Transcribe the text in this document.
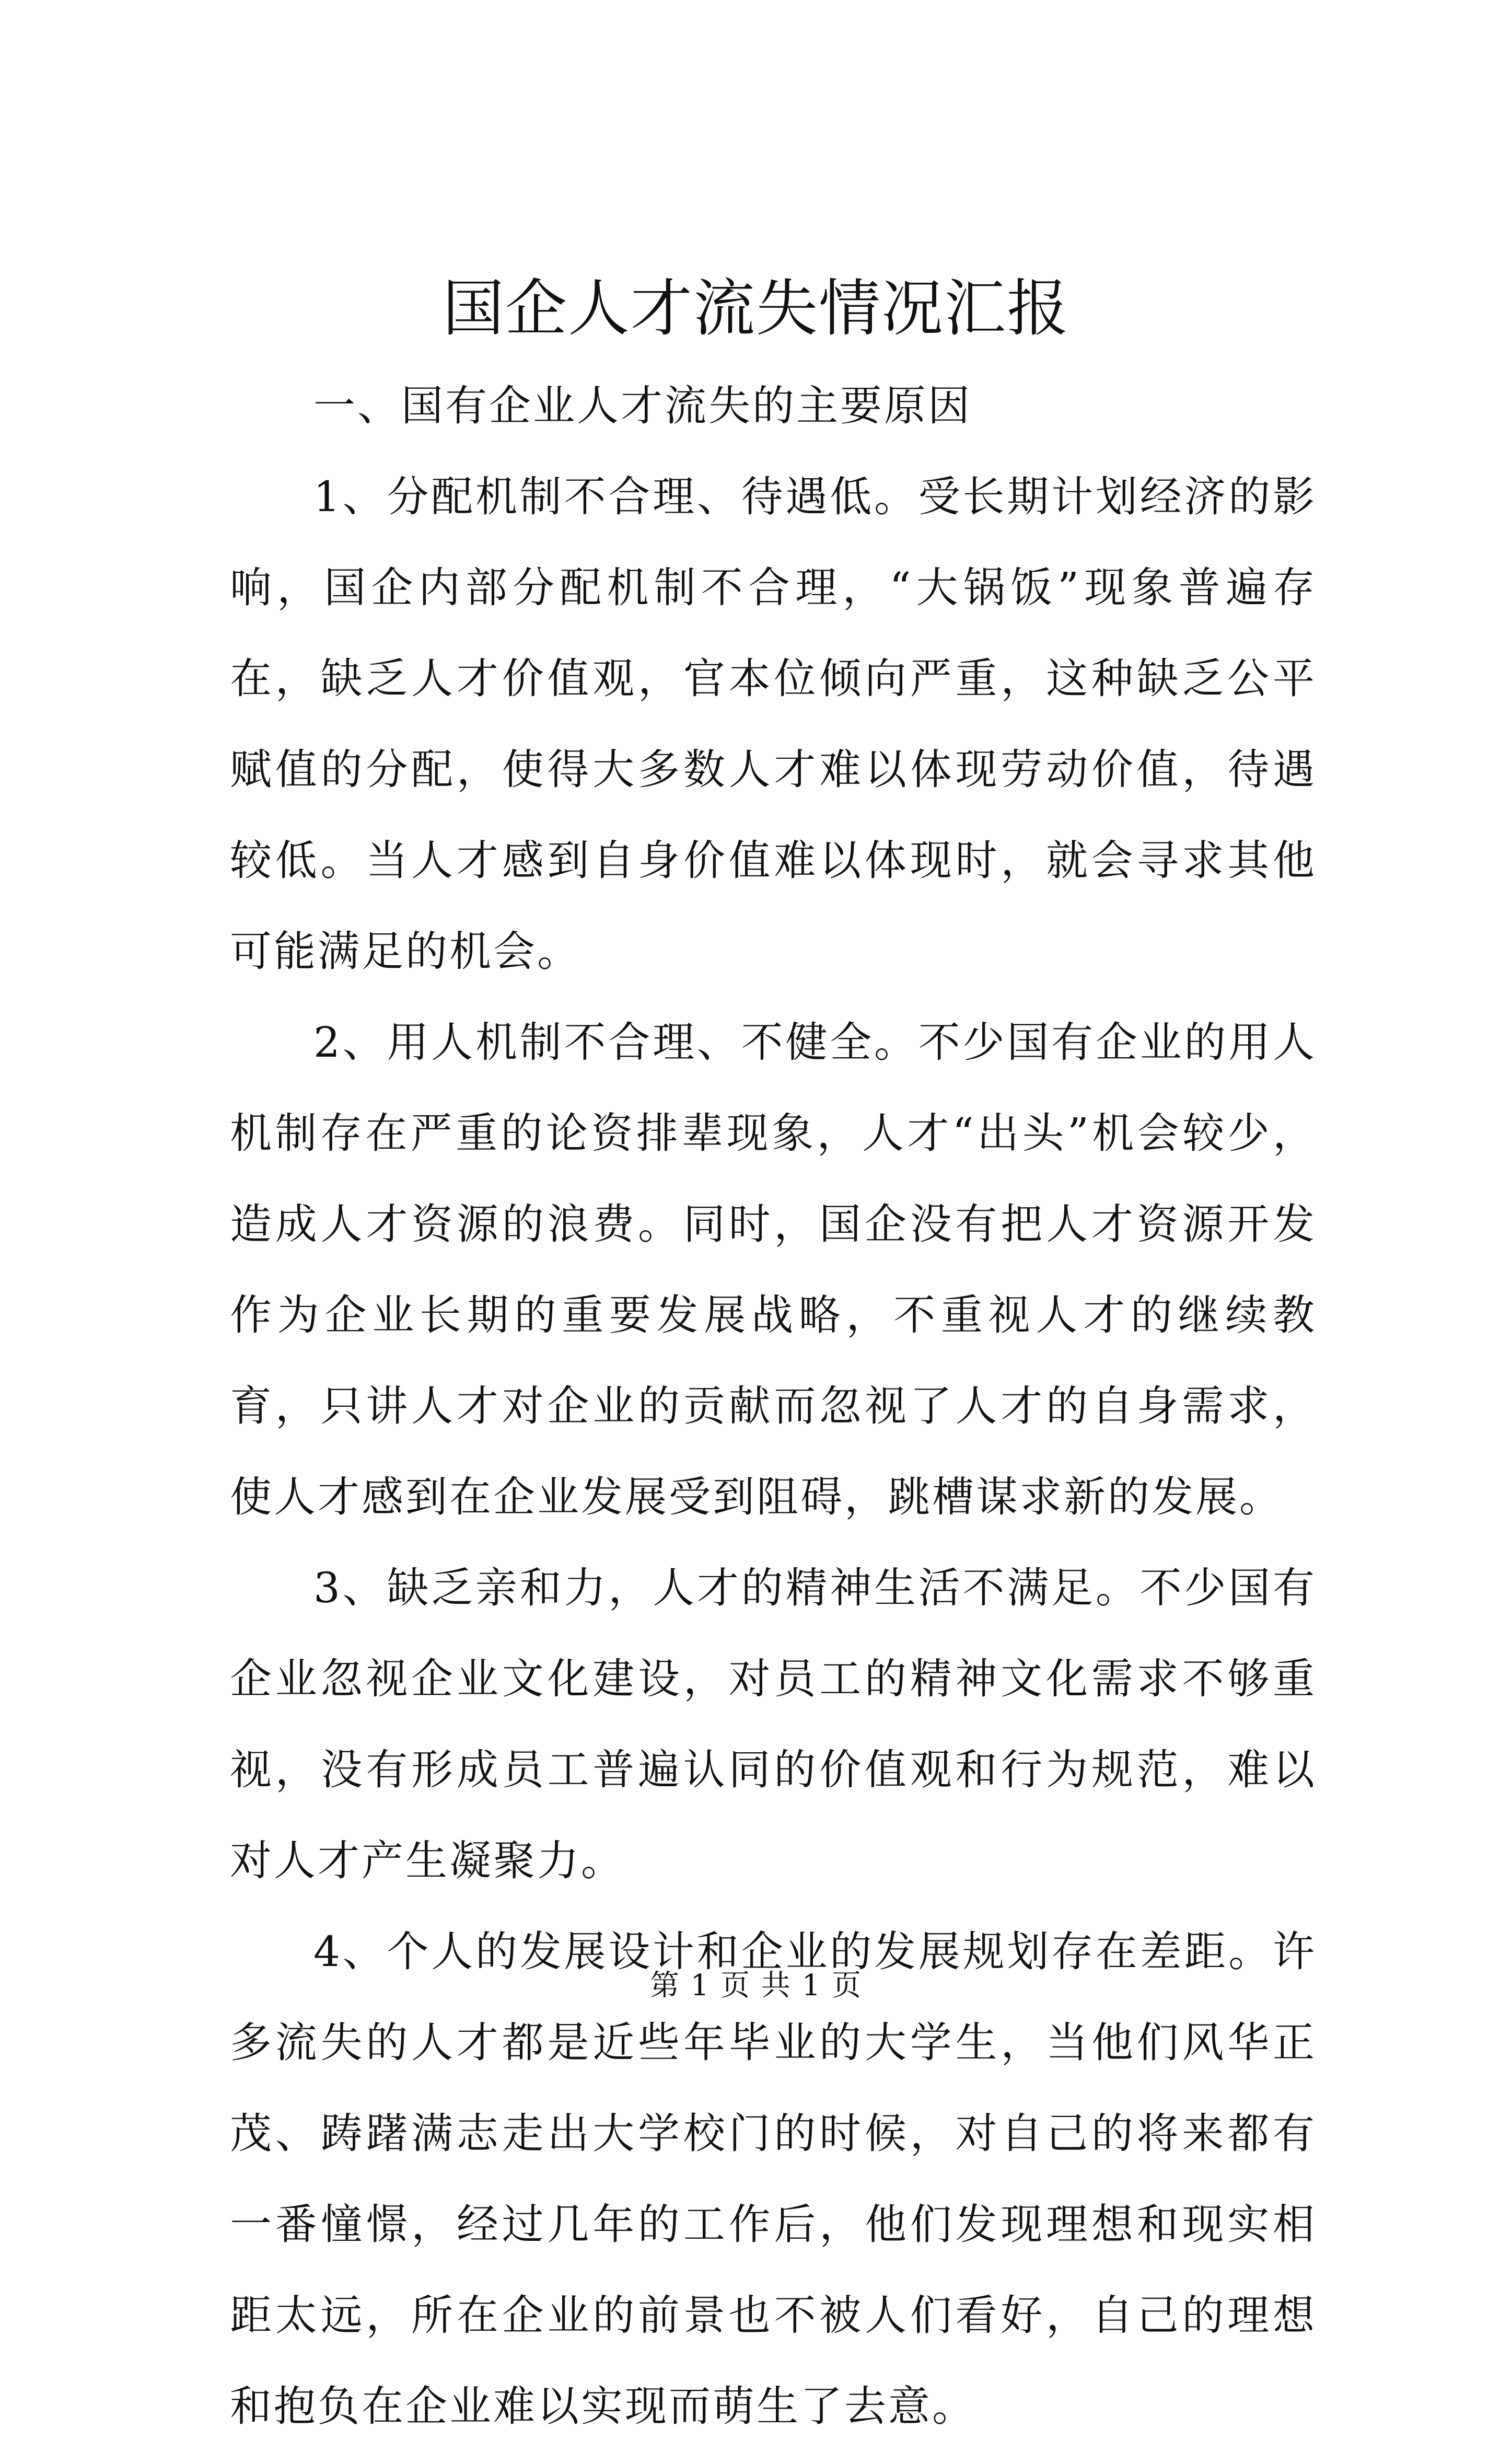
国企人才流失情况汇报

一、国有企业人才流失的主要原因

1、分配机制不合理、待遇低。受长期计划经济的影响，国企内部分配机制不合理，“大锅饭”现象普遍存在，缺乏人才价值观，官本位倾向严重，这种缺乏公平赋值的分配，使得大多数人才难以体现劳动价值，待遇较低。当人才感到自身价值难以体现时，就会寻求其他可能满足的机会。

2、用人机制不合理、不健全。不少国有企业的用人机制存在严重的论资排辈现象，人才“出头”机会较少，造成人才资源的浪费。同时，国企没有把人才资源开发作为企业长期的重要发展战略，不重视人才的继续教育，只讲人才对企业的贡献而忽视了人才的自身需求，使人才感到在企业发展受到阻碍，跳槽谋求新的发展。

3、缺乏亲和力，人才的精神生活不满足。不少国有企业忽视企业文化建设，对员工的精神文化需求不够重视，没有形成员工普遍认同的价值观和行为规范，难以对人才产生凝聚力。

4、个人的发展设计和企业的发展规划存在差距。许多流失的人才都是近些年毕业的大学生，当他们风华正茂、踌躇满志走出大学校门的时候，对自己的将来都有一番憧憬，经过几年的工作后，他们发现理想和现实相距太远，所在企业的前景也不被人们看好，自己的理想和抱负在企业难以实现而萌生了去意。

第 1 页 共 1 页
